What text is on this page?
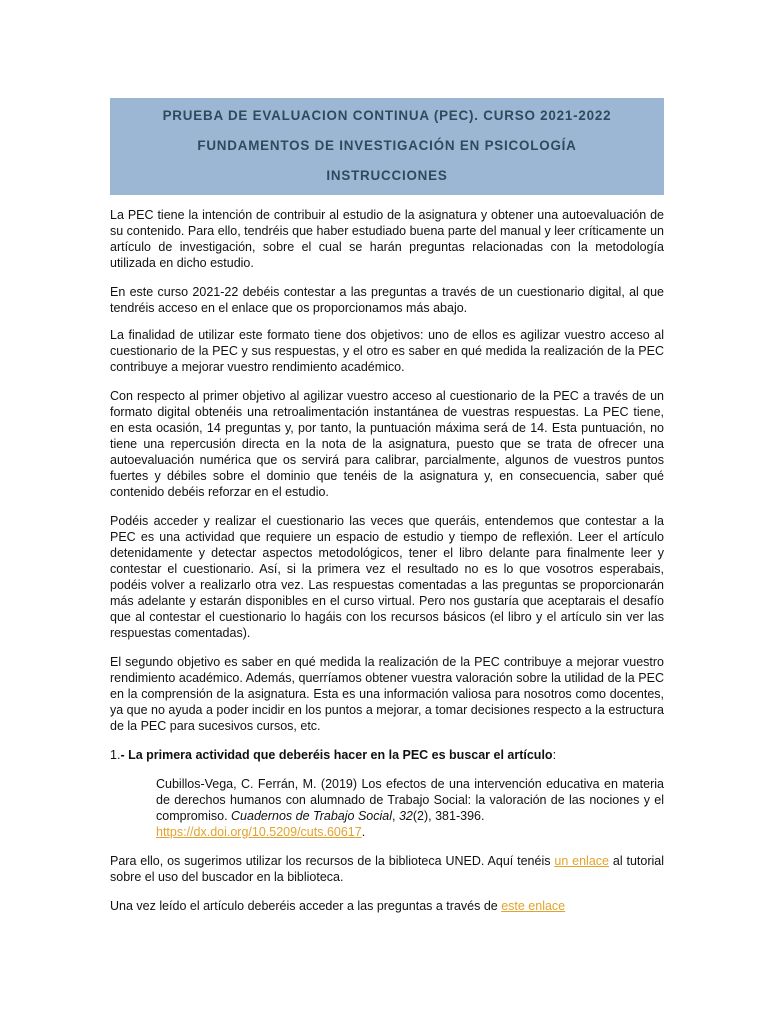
PRUEBA DE EVALUACION CONTINUA (PEC). CURSO 2021-2022
FUNDAMENTOS DE INVESTIGACIÓN EN PSICOLOGÍA
INSTRUCCIONES

La PEC tiene la intención de contribuir al estudio de la asignatura y obtener una autoevaluación de su contenido. Para ello, tendréis que haber estudiado buena parte del manual y leer críticamente un artículo de investigación, sobre el cual se harán preguntas relacionadas con la metodología utilizada en dicho estudio.

En este curso 2021-22 debéis contestar a las preguntas a través de un cuestionario digital, al que tendréis acceso en el enlace que os proporcionamos más abajo.

La finalidad de utilizar este formato tiene dos objetivos: uno de ellos es agilizar vuestro acceso al cuestionario de la PEC y sus respuestas, y el otro es saber en qué medida la realización de la PEC contribuye a mejorar vuestro rendimiento académico.

Con respecto al primer objetivo al agilizar vuestro acceso al cuestionario de la PEC a través de un formato digital obtenéis una retroalimentación instantánea de vuestras respuestas. La PEC tiene, en esta ocasión, 14 preguntas y, por tanto, la puntuación máxima será de 14. Esta puntuación, no tiene una repercusión directa en la nota de la asignatura, puesto que se trata de ofrecer una autoevaluación numérica que os servirá para calibrar, parcialmente, algunos de vuestros puntos fuertes y débiles sobre el dominio que tenéis de la asignatura y, en consecuencia, saber qué contenido debéis reforzar en el estudio.

Podéis acceder y realizar el cuestionario las veces que queráis, entendemos que contestar a la PEC es una actividad que requiere un espacio de estudio y tiempo de reflexión. Leer el artículo detenidamente y detectar aspectos metodológicos, tener el libro delante para finalmente leer y contestar el cuestionario. Así, si la primera vez el resultado no es lo que vosotros esperabais, podéis volver a realizarlo otra vez. Las respuestas comentadas a las preguntas se proporcionarán más adelante y estarán disponibles en el curso virtual. Pero nos gustaría que aceptarais el desafío que al contestar el cuestionario lo hagáis con los recursos básicos (el libro y el artículo sin ver las respuestas comentadas).

El segundo objetivo es saber en qué medida la realización de la PEC contribuye a mejorar vuestro rendimiento académico. Además, querríamos obtener vuestra valoración sobre la utilidad de la PEC en la comprensión de la asignatura. Esta es una información valiosa para nosotros como docentes, ya que no ayuda a poder incidir en los puntos a mejorar, a tomar decisiones respecto a la estructura de la PEC para sucesivos cursos, etc.

1.- La primera actividad que deberéis hacer en la PEC es buscar el artículo:

Cubillos-Vega, C. Ferrán, M. (2019) Los efectos de una intervención educativa en materia de derechos humanos con alumnado de Trabajo Social: la valoración de las nociones y el compromiso. Cuadernos de Trabajo Social, 32(2), 381-396.
https://dx.doi.org/10.5209/cuts.60617.

Para ello, os sugerimos utilizar los recursos de la biblioteca UNED. Aquí tenéis un enlace al tutorial sobre el uso del buscador en la biblioteca.

Una vez leído el artículo deberéis acceder a las preguntas a través de este enlace
